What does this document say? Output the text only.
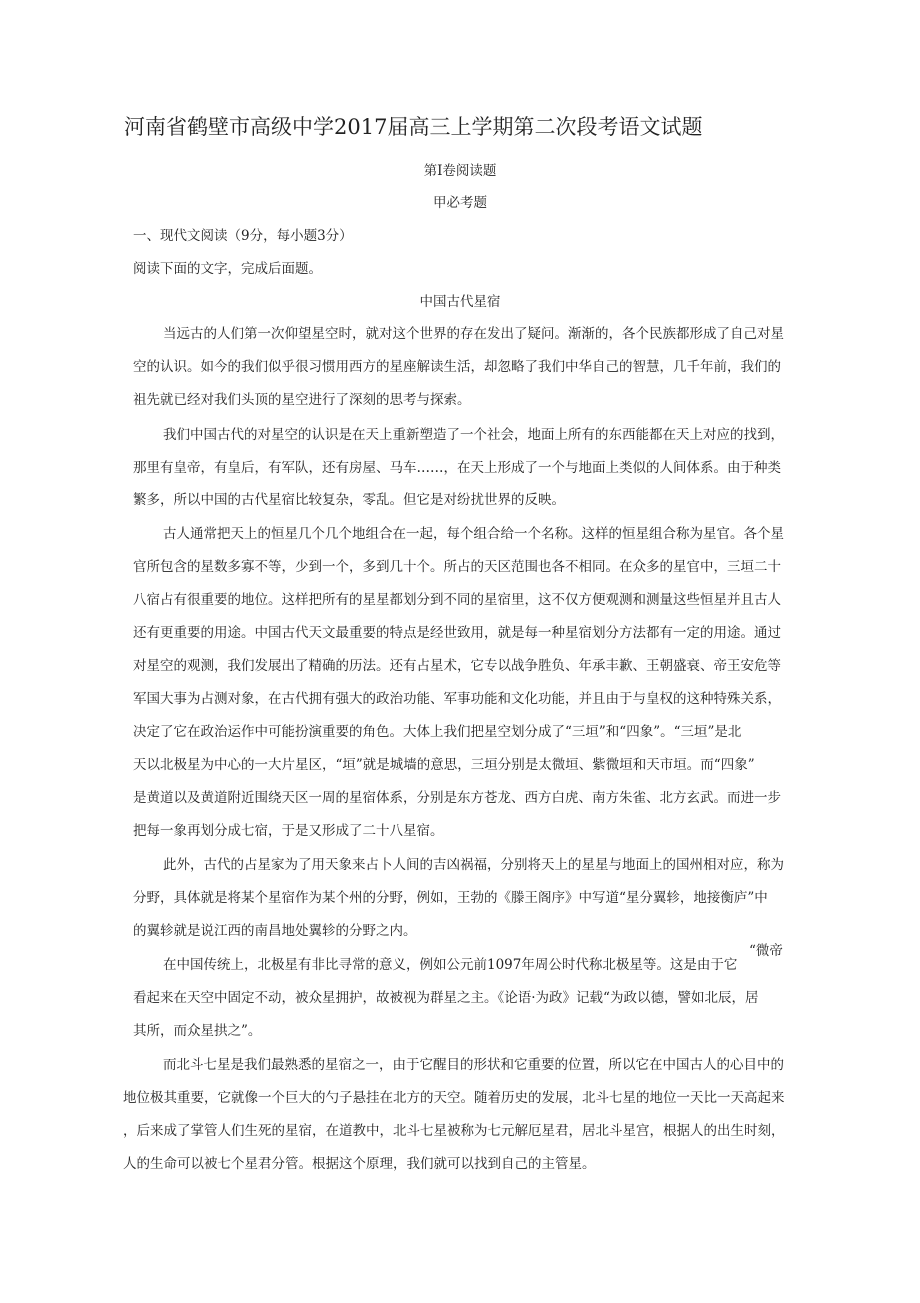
河南省鹤壁市高级中学2017届高三上学期第二次段考语文试题
第Ⅰ卷阅读题
甲必考题
一、现代文阅读（9分，每小题3分）
阅读下面的文字，完成后面题。
中国古代星宿
当远古的人们第一次仰望星空时，就对这个世界的存在发出了疑问。渐渐的，各个民族都形成了自己对星
空的认识。如今的我们似乎很习惯用西方的星座解读生活，却忽略了我们中华自己的智慧，几千年前，我们的
祖先就已经对我们头顶的星空进行了深刻的思考与探索。
我们中国古代的对星空的认识是在天上重新塑造了一个社会，地面上所有的东西能都在天上对应的找到，
那里有皇帝，有皇后，有军队，还有房屋、马车……，在天上形成了一个与地面上类似的人间体系。由于种类
繁多，所以中国的古代星宿比较复杂，零乱。但它是对纷扰世界的反映。
古人通常把天上的恒星几个几个地组合在一起，每个组合给一个名称。这样的恒星组合称为星官。各个星
官所包含的星数多寡不等，少到一个，多到几十个。所占的天区范围也各不相同。在众多的星官中，三垣二十
八宿占有很重要的地位。这样把所有的星星都划分到不同的星宿里，这不仅方便观测和测量这些恒星并且古人
还有更重要的用途。中国古代天文最重要的特点是经世致用，就是每一种星宿划分方法都有一定的用途。通过
对星空的观测，我们发展出了精确的历法。还有占星术，它专以战争胜负、年承丰歉、王朝盛衰、帝王安危等
军国大事为占测对象，在古代拥有强大的政治功能、军事功能和文化功能，并且由于与皇权的这种特殊关系，
决定了它在政治运作中可能扮演重要的角色。大体上我们把星空划分成了“三垣”和“四象”。“三垣”是北
天以北极星为中心的一大片星区，“垣”就是城墙的意思，三垣分别是太微垣、紫微垣和天市垣。而“四象”
是黄道以及黄道附近围绕天区一周的星宿体系，分别是东方苍龙、西方白虎、南方朱雀、北方玄武。而进一步
把每一象再划分成七宿，于是又形成了二十八星宿。
此外，古代的占星家为了用天象来占卜人间的吉凶祸福，分别将天上的星星与地面上的国州相对应，称为
分野，具体就是将某个星宿作为某个州的分野，例如，王勃的《滕王阁序》中写道“星分翼轸，地接衡庐”中
的翼轸就是说江西的南昌地处翼轸的分野之内。
“微帝
在中国传统上，北极星有非比寻常的意义，例如公元前1097年周公时代称北极星等。这是由于它
看起来在天空中固定不动，被众星拥护，故被视为群星之主。《论语·为政》记载“为政以德，譬如北辰，居
其所，而众星拱之”。
而北斗七星是我们最熟悉的星宿之一，由于它醒目的形状和它重要的位置，所以它在中国古人的心目中的
地位极其重要，它就像一个巨大的勺子悬挂在北方的天空。随着历史的发展，北斗七星的地位一天比一天高起来
，后来成了掌管人们生死的星宿，在道教中，北斗七星被称为七元解厄星君，居北斗星宫，根据人的出生时刻，
人的生命可以被七个星君分管。根据这个原理，我们就可以找到自己的主管星。
